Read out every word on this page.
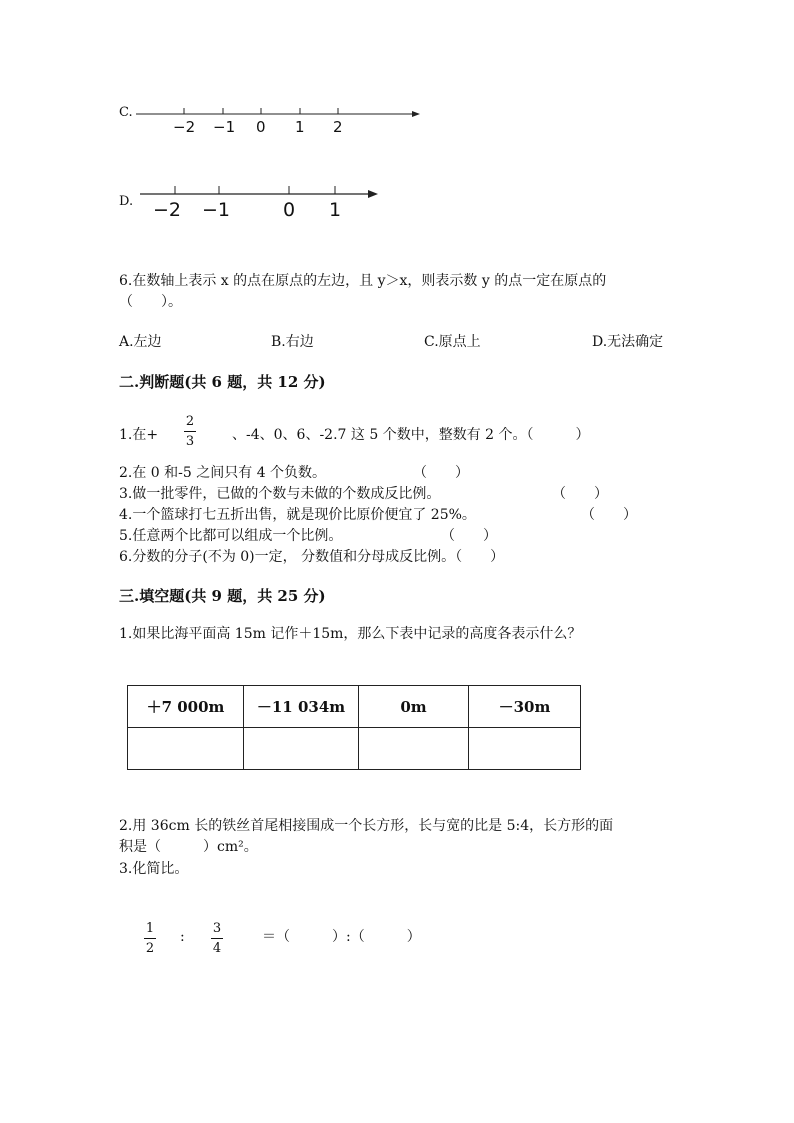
C.
−2 −1 0 1 2
D. −2 −1	0 1
6.在数轴上表示 x 的点在原点的左边，且 y＞x，则表示数 y 的点一定在原点的
（　　）。
A.左边	B.右边	C.原点上	D.无法确定
二.判断题(共 6 题，共 12 分)
1.在+
2
3	、-4、0、6、-2.7 这 5 个数中，整数有 2 个。（　　　）
2.在 0 和-5 之间只有 4 个负数。	（　　）
3.做一批零件，已做的个数与未做的个数成反比例。	（　　）
4.一个篮球打七五折出售，就是现价比原价便宜了 25%。	（　　）
5.任意两个比都可以组成一个比例。	（　　）
6.分数的分子(不为 0)一定， 分数值和分母成反比例。（　　）
三.填空题(共 9 题，共 25 分)
1.如果比海平面高 15m 记作＋15m，那么下表中记录的高度各表示什么？
＋7 000m	－11 034m	0m	－30m

2.用 36cm 长的铁丝首尾相接围成一个长方形，长与宽的比是 5:4，长方形的面
积是（　　　）cm²。
3.化简比。
1
2
:
3
4
＝（　　　）:（　　　）
